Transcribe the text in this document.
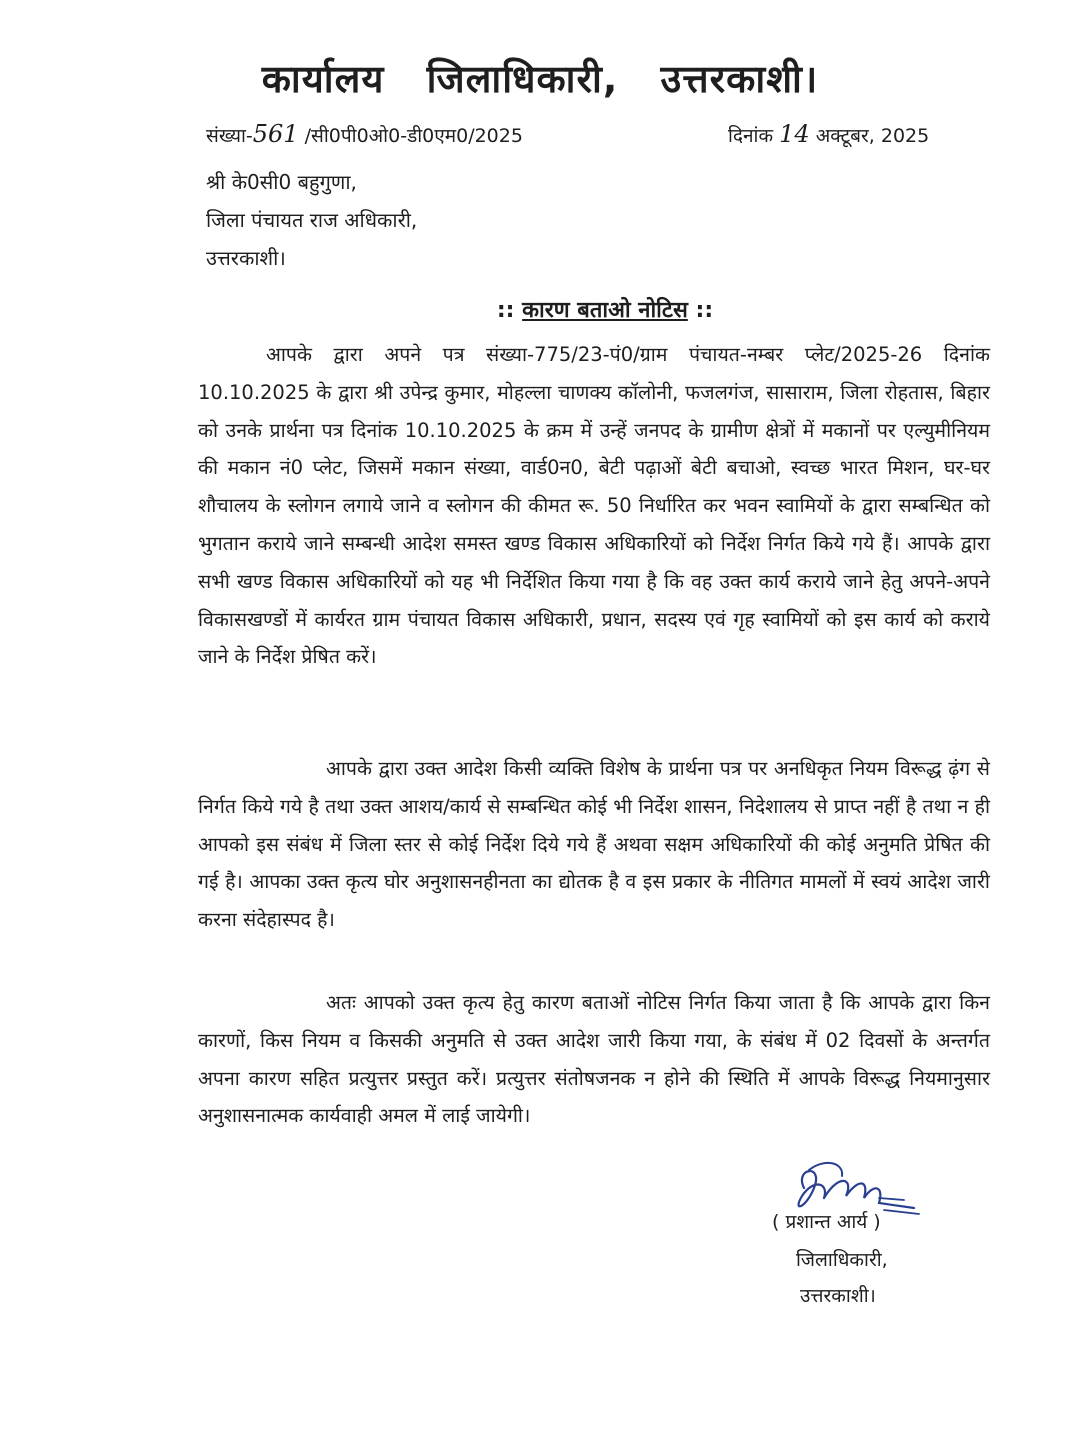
कार्यालय जिलाधिकारी, उत्तरकाशी।
संख्या-561 /सी0पी0ओ0-डी0एम0/2025	दिनांक 14 अक्टूबर, 2025
श्री के0सी0 बहुगुणा,
जिला पंचायत राज अधिकारी,
उत्तरकाशी।
:: कारण बताओ नोटिस ::

आपके द्वारा अपने पत्र संख्या-775/23-पं0/ग्राम पंचायत-नम्बर प्लेट/2025-26 दिनांक 10.10.2025 के द्वारा श्री उपेन्द्र कुमार, मोहल्ला चाणक्य कॉलोनी, फजलगंज, सासाराम, जिला रोहतास, बिहार को उनके प्रार्थना पत्र दिनांक 10.10.2025 के क्रम में उन्हें जनपद के ग्रामीण क्षेत्रों में मकानों पर एल्युमीनियम की मकान नं0 प्लेट, जिसमें मकान संख्या, वार्ड0न0, बेटी पढ़ाओं बेटी बचाओ, स्वच्छ भारत मिशन, घर-घर शौचालय के स्लोगन लगाये जाने व स्लोगन की कीमत रू. 50 निर्धारित कर भवन स्वामियों के द्वारा सम्बन्धित को भुगतान कराये जाने सम्बन्धी आदेश समस्त खण्ड विकास अधिकारियों को निर्देश निर्गत किये गये हैं। आपके द्वारा सभी खण्ड विकास अधिकारियों को यह भी निर्देशित किया गया है कि वह उक्त कार्य कराये जाने हेतु अपने-अपने विकासखण्डों में कार्यरत ग्राम पंचायत विकास अधिकारी, प्रधान, सदस्य एवं गृह स्वामियों को इस कार्य को कराये जाने के निर्देश प्रेषित करें।

आपके द्वारा उक्त आदेश किसी व्यक्ति विशेष के प्रार्थना पत्र पर अनधिकृत नियम विरूद्ध ढ़ंग से निर्गत किये गये है तथा उक्त आशय/कार्य से सम्बन्धित कोई भी निर्देश शासन, निदेशालय से प्राप्त नहीं है तथा न ही आपको इस संबंध में जिला स्तर से कोई निर्देश दिये गये हैं अथवा सक्षम अधिकारियों की कोई अनुमति प्रेषित की गई है। आपका उक्त कृत्य घोर अनुशासनहीनता का द्योतक है व इस प्रकार के नीतिगत मामलों में स्वयं आदेश जारी करना संदेहास्पद है।

अतः आपको उक्त कृत्य हेतु कारण बताओं नोटिस निर्गत किया जाता है कि आपके द्वारा किन कारणों, किस नियम व किसकी अनुमति से उक्त आदेश जारी किया गया, के संबंध में 02 दिवसों के अन्तर्गत अपना कारण सहित प्रत्युत्तर प्रस्तुत करें। प्रत्युत्तर संतोषजनक न होने की स्थिति में आपके विरूद्ध नियमानुसार अनुशासनात्मक कार्यवाही अमल में लाई जायेगी।

( प्रशान्त आर्य )
जिलाधिकारी,
उत्तरकाशी।
